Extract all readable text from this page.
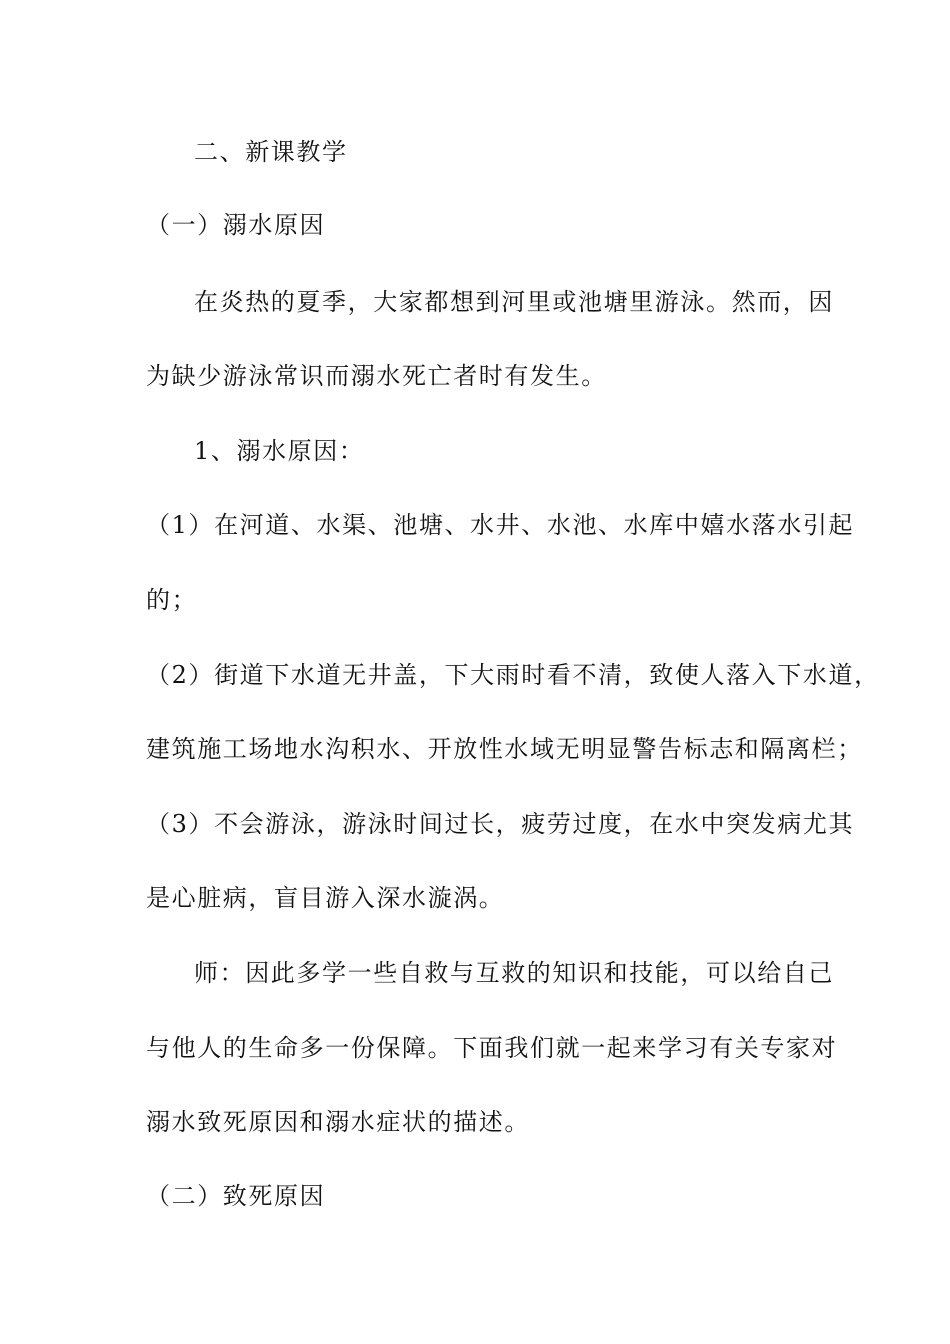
二、新课教学

（一）溺水原因

在炎热的夏季，大家都想到河里或池塘里游泳。然而，因

为缺少游泳常识而溺水死亡者时有发生。

1、溺水原因：

（1）在河道、水渠、池塘、水井、水池、水库中嬉水落水引起

的；

（2）街道下水道无井盖，下大雨时看不清，致使人落入下水道，

建筑施工场地水沟积水、开放性水域无明显警告标志和隔离栏；

（3）不会游泳，游泳时间过长，疲劳过度，在水中突发病尤其

是心脏病，盲目游入深水漩涡。

师：因此多学一些自救与互救的知识和技能，可以给自己

与他人的生命多一份保障。下面我们就一起来学习有关专家对

溺水致死原因和溺水症状的描述。

（二）致死原因
